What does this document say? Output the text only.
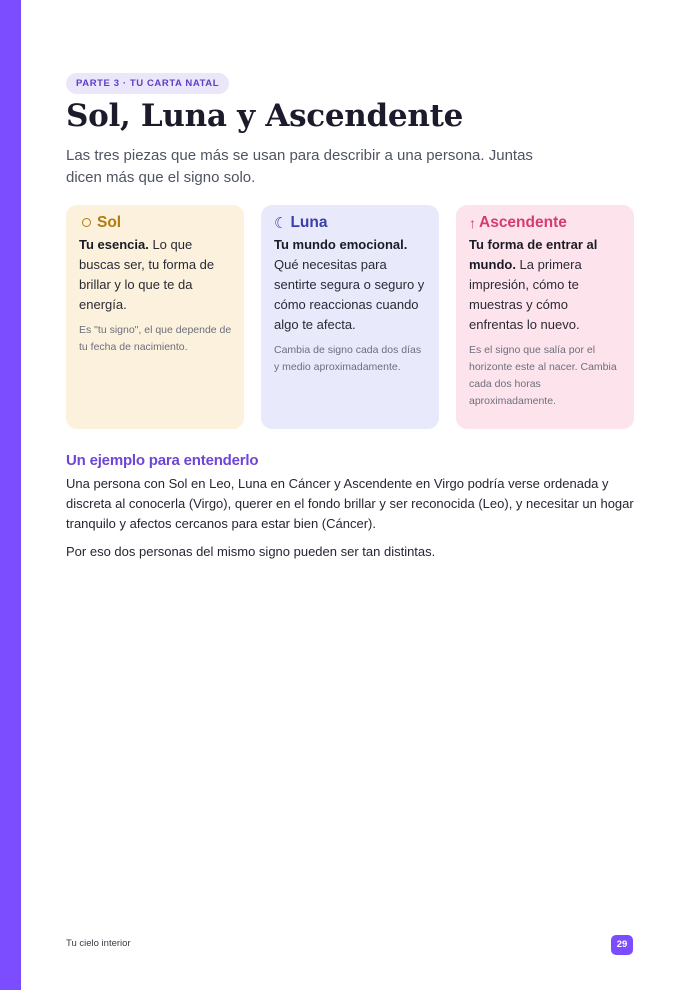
PARTE 3 · TU CARTA NATAL
Sol, Luna y Ascendente

Las tres piezas que más se usan para describir a una persona. Juntas dicen más que el signo solo.

Sol

Tu esencia. Lo que buscas ser, tu forma de brillar y lo que te da energía.

Es "tu signo", el que depende de tu fecha de nacimiento.

☾ Luna

Tu mundo emocional. Qué necesitas para sentirte segura o seguro y cómo reaccionas cuando algo te afecta.

Cambia de signo cada dos días y medio aproximadamente.

↑ Ascendente

Tu forma de entrar al mundo. La primera impresión, cómo te muestras y cómo enfrentas lo nuevo.

Es el signo que salía por el horizonte este al nacer. Cambia cada dos horas aproximadamente.

Un ejemplo para entenderlo

Una persona con Sol en Leo, Luna en Cáncer y Ascendente en Virgo podría verse ordenada y discreta al conocerla (Virgo), querer en el fondo brillar y ser reconocida (Leo), y necesitar un hogar tranquilo y afectos cercanos para estar bien (Cáncer).

Por eso dos personas del mismo signo pueden ser tan distintas.

Tu cielo interior	29
